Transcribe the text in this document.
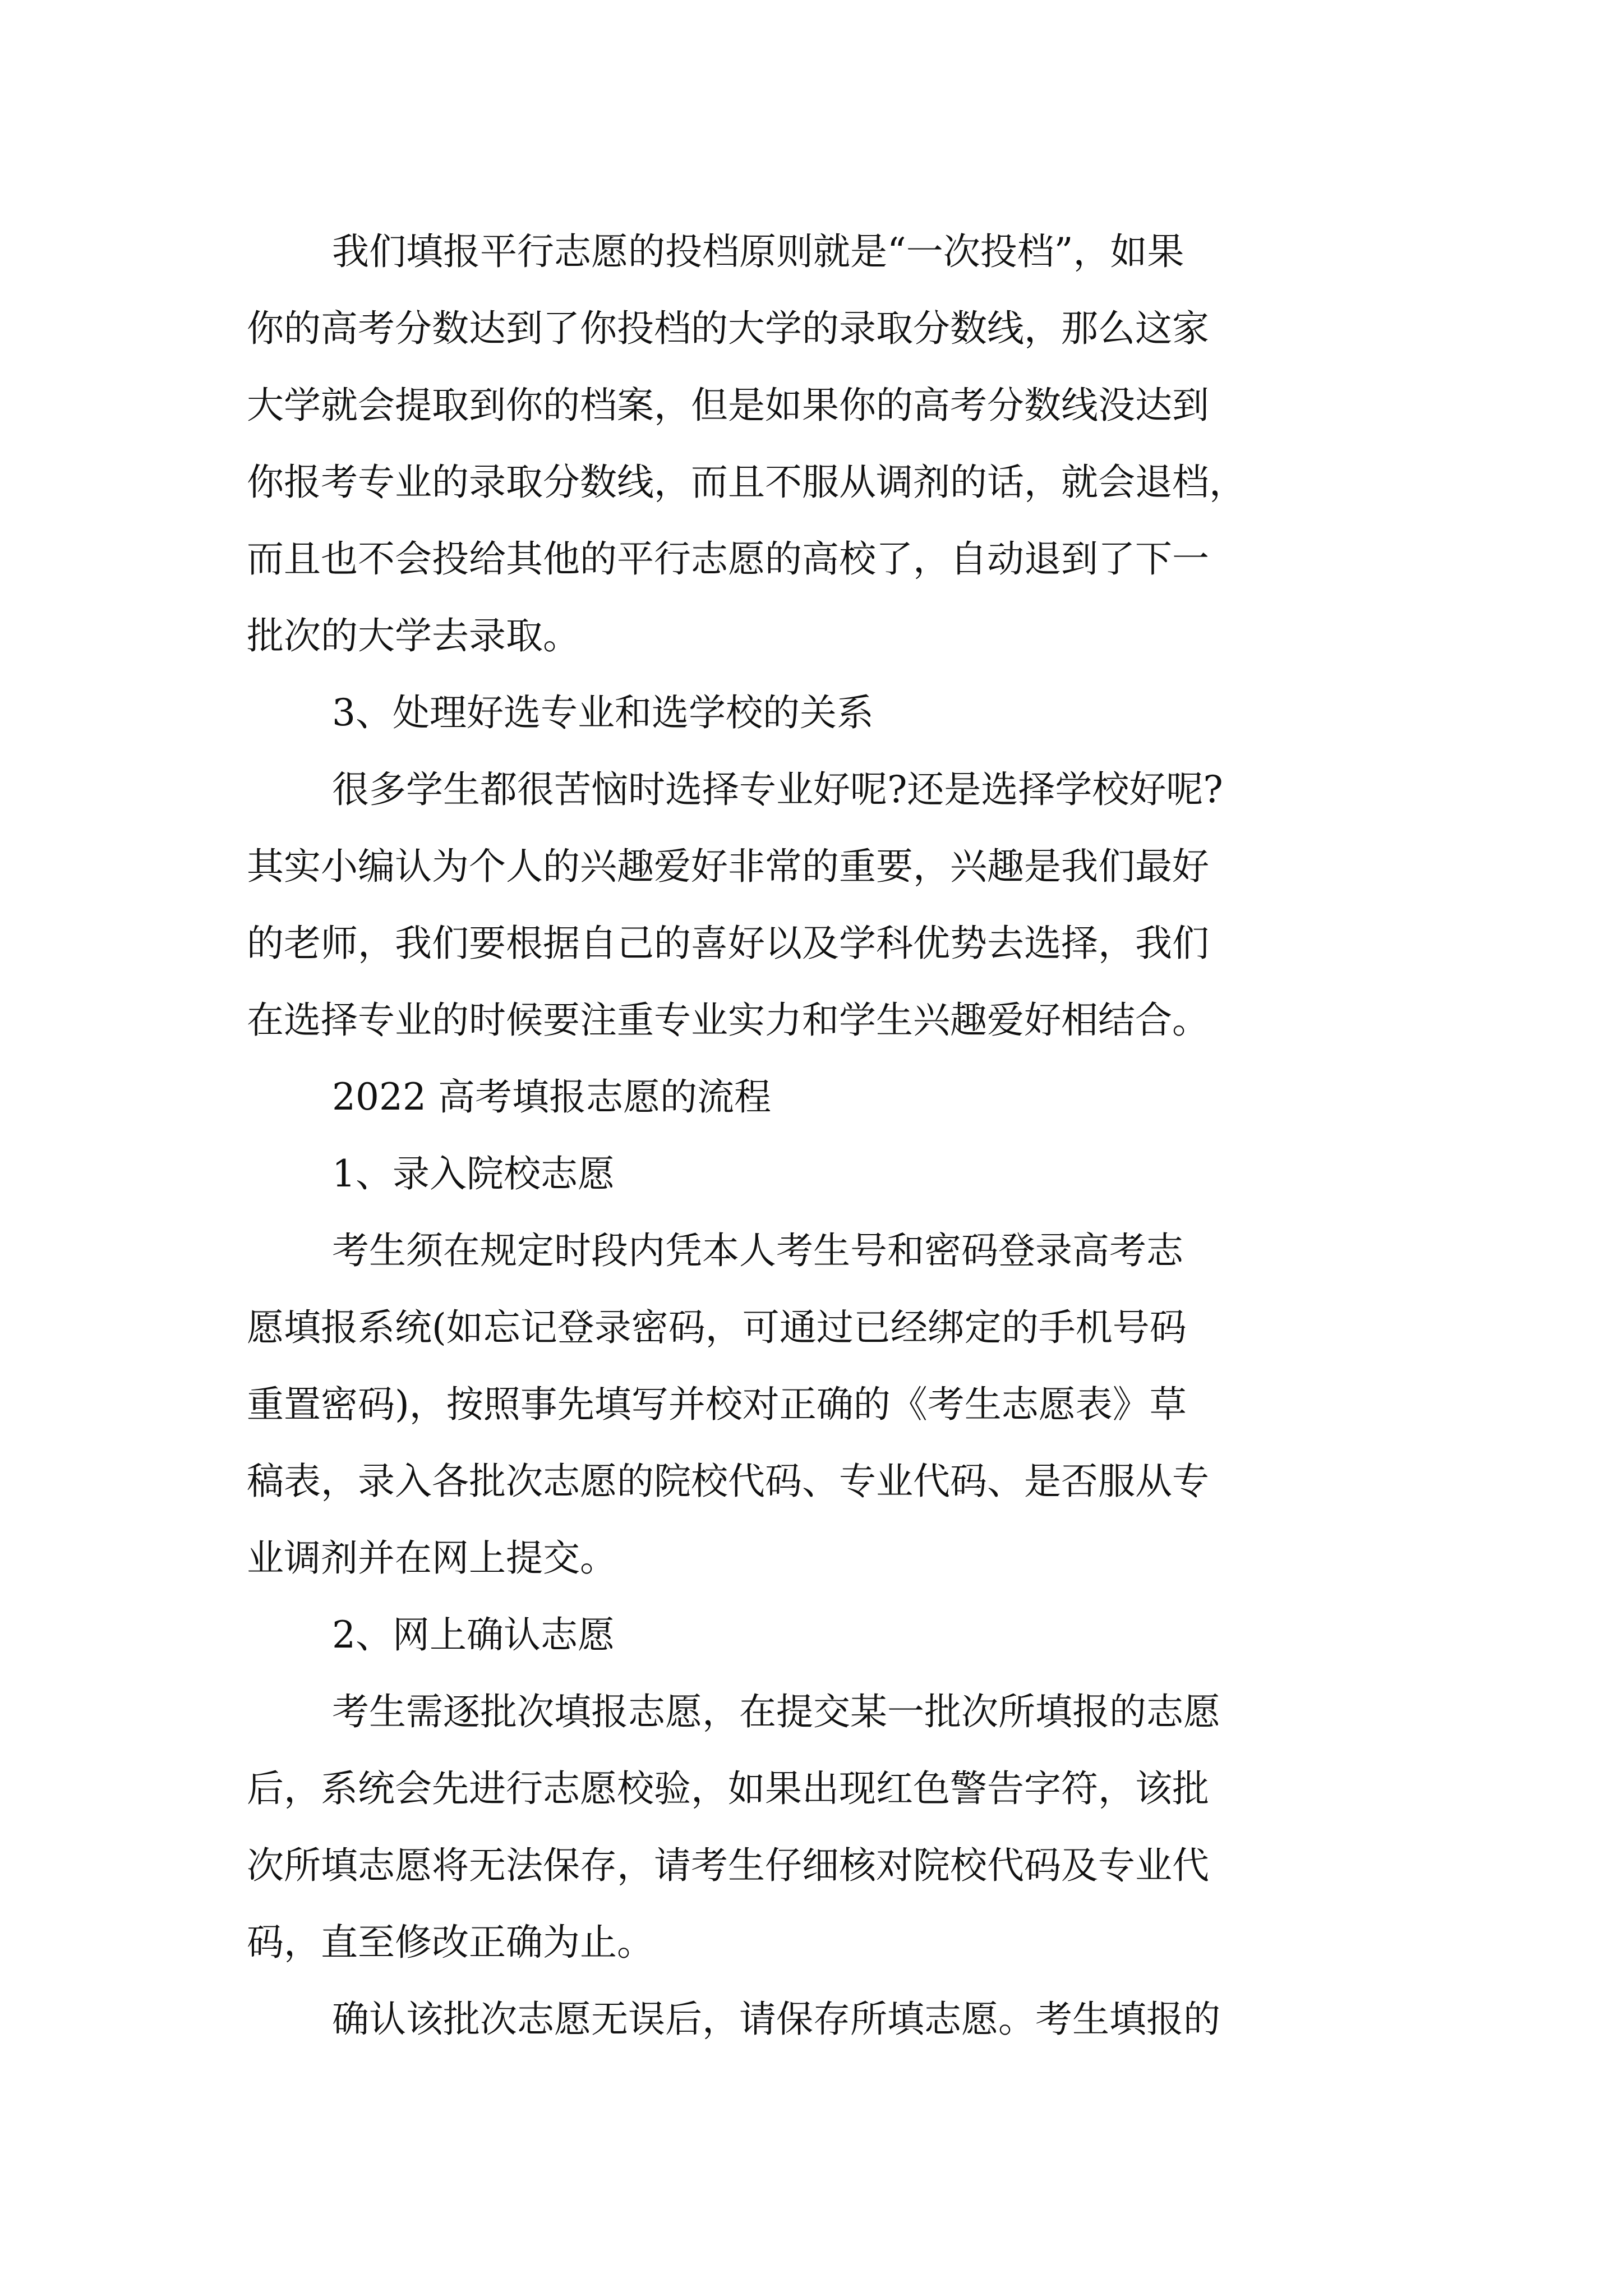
我们填报平行志愿的投档原则就是“一次投档”，如果
你的高考分数达到了你投档的大学的录取分数线，那么这家
大学就会提取到你的档案，但是如果你的高考分数线没达到
你报考专业的录取分数线，而且不服从调剂的话，就会退档，
而且也不会投给其他的平行志愿的高校了，自动退到了下一
批次的大学去录取。
3、处理好选专业和选学校的关系
很多学生都很苦恼时选择专业好呢?还是选择学校好呢?
其实小编认为个人的兴趣爱好非常的重要，兴趣是我们最好
的老师，我们要根据自己的喜好以及学科优势去选择，我们
在选择专业的时候要注重专业实力和学生兴趣爱好相结合。
2022 高考填报志愿的流程
1、录入院校志愿
考生须在规定时段内凭本人考生号和密码登录高考志
愿填报系统(如忘记登录密码，可通过已经绑定的手机号码
重置密码)，按照事先填写并校对正确的《考生志愿表》草
稿表，录入各批次志愿的院校代码、专业代码、是否服从专
业调剂并在网上提交。
2、网上确认志愿
考生需逐批次填报志愿，在提交某一批次所填报的志愿
后，系统会先进行志愿校验，如果出现红色警告字符，该批
次所填志愿将无法保存，请考生仔细核对院校代码及专业代
码，直至修改正确为止。
确认该批次志愿无误后，请保存所填志愿。考生填报的
